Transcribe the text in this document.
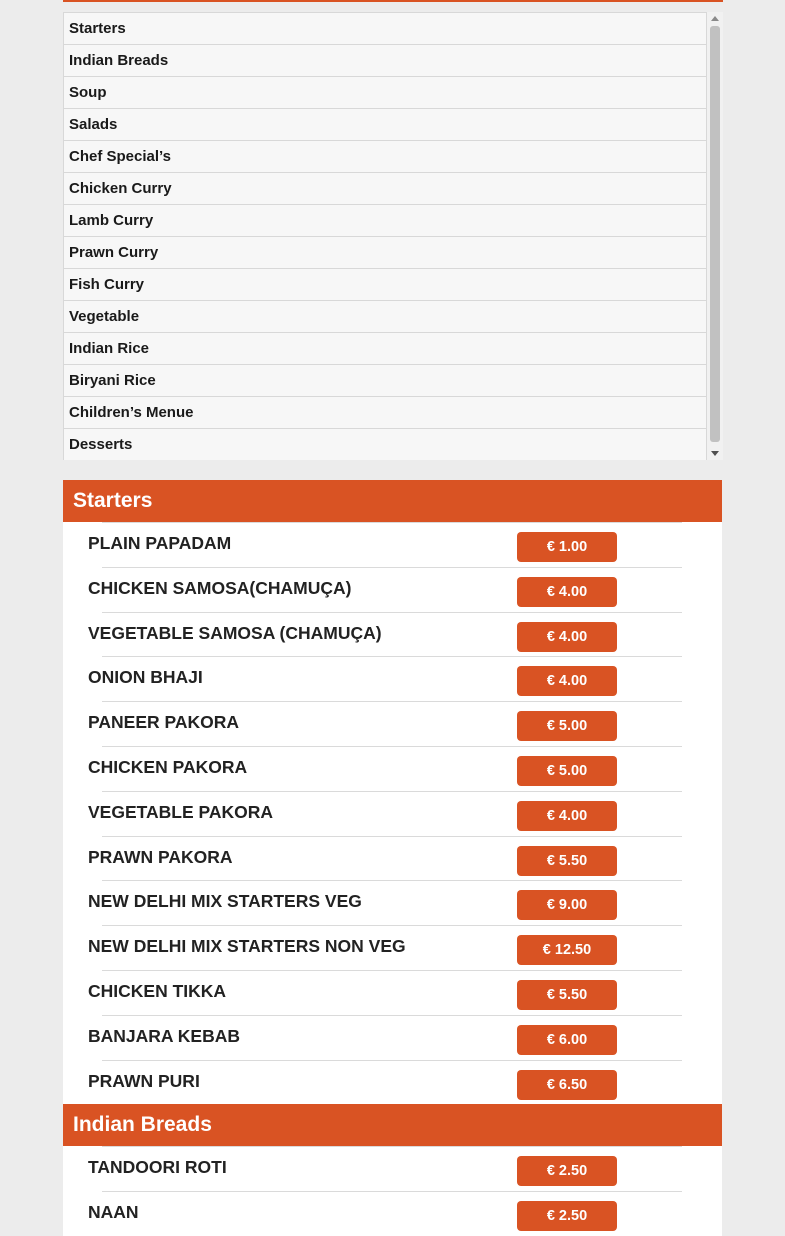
Starters
Indian Breads
Soup
Salads
Chef Special’s
Chicken Curry
Lamb Curry
Prawn Curry
Fish Curry
Vegetable
Indian Rice
Biryani Rice
Children’s Menue
Desserts
Starters
PLAIN PAPADAM	€ 1.00
CHICKEN SAMOSA(CHAMUÇA)	€ 4.00
VEGETABLE SAMOSA (CHAMUÇA)	€ 4.00
ONION BHAJI	€ 4.00
PANEER PAKORA	€ 5.00
CHICKEN PAKORA	€ 5.00
VEGETABLE PAKORA	€ 4.00
PRAWN PAKORA	€ 5.50
NEW DELHI MIX STARTERS VEG	€ 9.00
NEW DELHI MIX STARTERS NON VEG	€ 12.50
CHICKEN TIKKA	€ 5.50
BANJARA KEBAB	€ 6.00
PRAWN PURI	€ 6.50
Indian Breads
TANDOORI ROTI	€ 2.50
NAAN	€ 2.50
